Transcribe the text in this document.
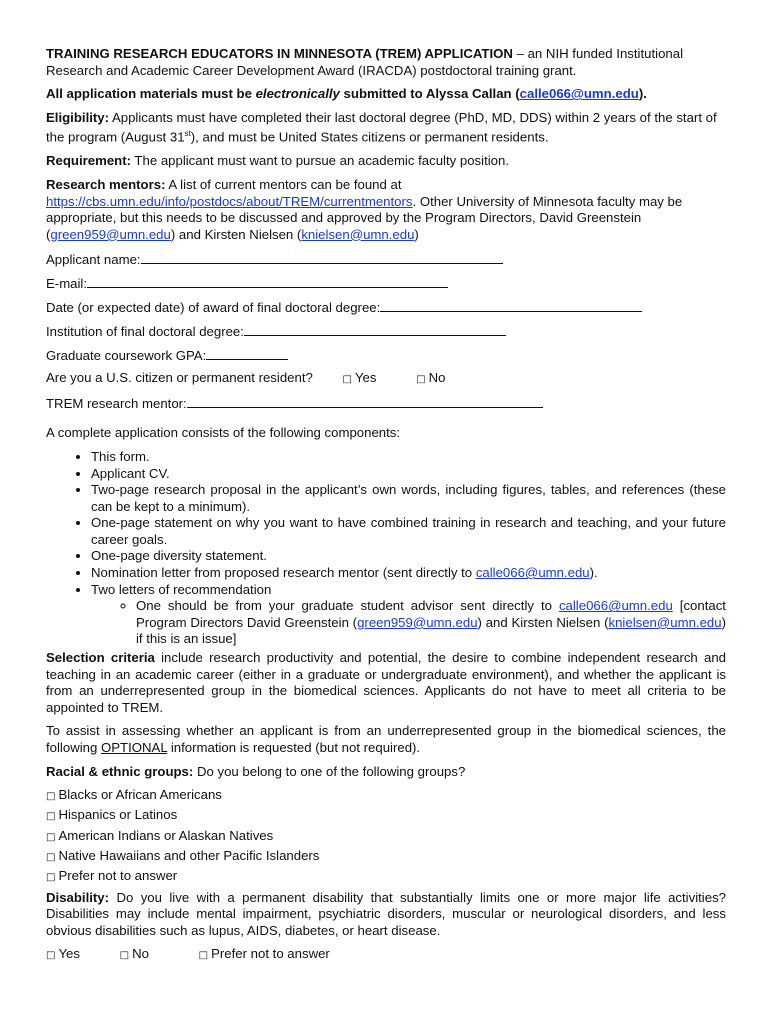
TRAINING RESEARCH EDUCATORS IN MINNESOTA (TREM) APPLICATION – an NIH funded Institutional Research and Academic Career Development Award (IRACDA) postdoctoral training grant.

All application materials must be electronically submitted to Alyssa Callan (calle066@umn.edu).

Eligibility: Applicants must have completed their last doctoral degree (PhD, MD, DDS) within 2 years of the start of the program (August 31st), and must be United States citizens or permanent residents.

Requirement: The applicant must want to pursue an academic faculty position.

Research mentors: A list of current mentors can be found at https://cbs.umn.edu/info/postdocs/about/TREM/currentmentors. Other University of Minnesota faculty may be appropriate, but this needs to be discussed and approved by the Program Directors, David Greenstein (green959@umn.edu) and Kirsten Nielsen (knielsen@umn.edu)

Applicant name:
E-mail:
Date (or expected date) of award of final doctoral degree:
Institution of final doctoral degree:
Graduate coursework GPA:
Are you a U.S. citizen or permanent resident?	□ Yes	□ No
TREM research mentor:

A complete application consists of the following components:

• This form.
• Applicant CV.
• Two-page research proposal in the applicant’s own words, including figures, tables, and references (these can be kept to a minimum).
• One-page statement on why you want to have combined training in research and teaching, and your future career goals.
• One-page diversity statement.
• Nomination letter from proposed research mentor (sent directly to calle066@umn.edu).
• Two letters of recommendation
◦ One should be from your graduate student advisor sent directly to calle066@umn.edu [contact Program Directors David Greenstein (green959@umn.edu) and Kirsten Nielsen (knielsen@umn.edu) if this is an issue]

Selection criteria include research productivity and potential, the desire to combine independent research and teaching in an academic career (either in a graduate or undergraduate environment), and whether the applicant is from an underrepresented group in the biomedical sciences. Applicants do not have to meet all criteria to be appointed to TREM.

To assist in assessing whether an applicant is from an underrepresented group in the biomedical sciences, the following OPTIONAL information is requested (but not required).

Racial & ethnic groups: Do you belong to one of the following groups?

□ Blacks or African Americans
□ Hispanics or Latinos
□ American Indians or Alaskan Natives
□ Native Hawaiians and other Pacific Islanders
□ Prefer not to answer

Disability: Do you live with a permanent disability that substantially limits one or more major life activities? Disabilities may include mental impairment, psychiatric disorders, muscular or neurological disorders, and less obvious disabilities such as lupus, AIDS, diabetes, or heart disease.

□ Yes	□ No	□ Prefer not to answer
